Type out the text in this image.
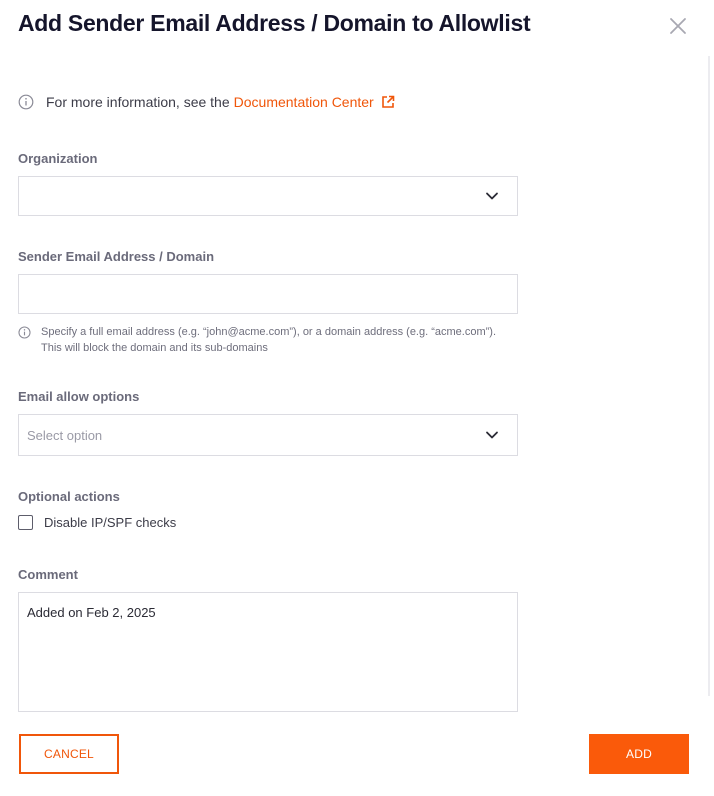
Add Sender Email Address / Domain to Allowlist
For more information, see the Documentation Center
Organization
Sender Email Address / Domain
Specify a full email address (e.g. “john@acme.com”), or a domain address (e.g. “acme.com”). This will block the domain and its sub-domains
Email allow options
Select option
Optional actions
Disable IP/SPF checks
Comment
Added on Feb 2, 2025
CANCEL	ADD
